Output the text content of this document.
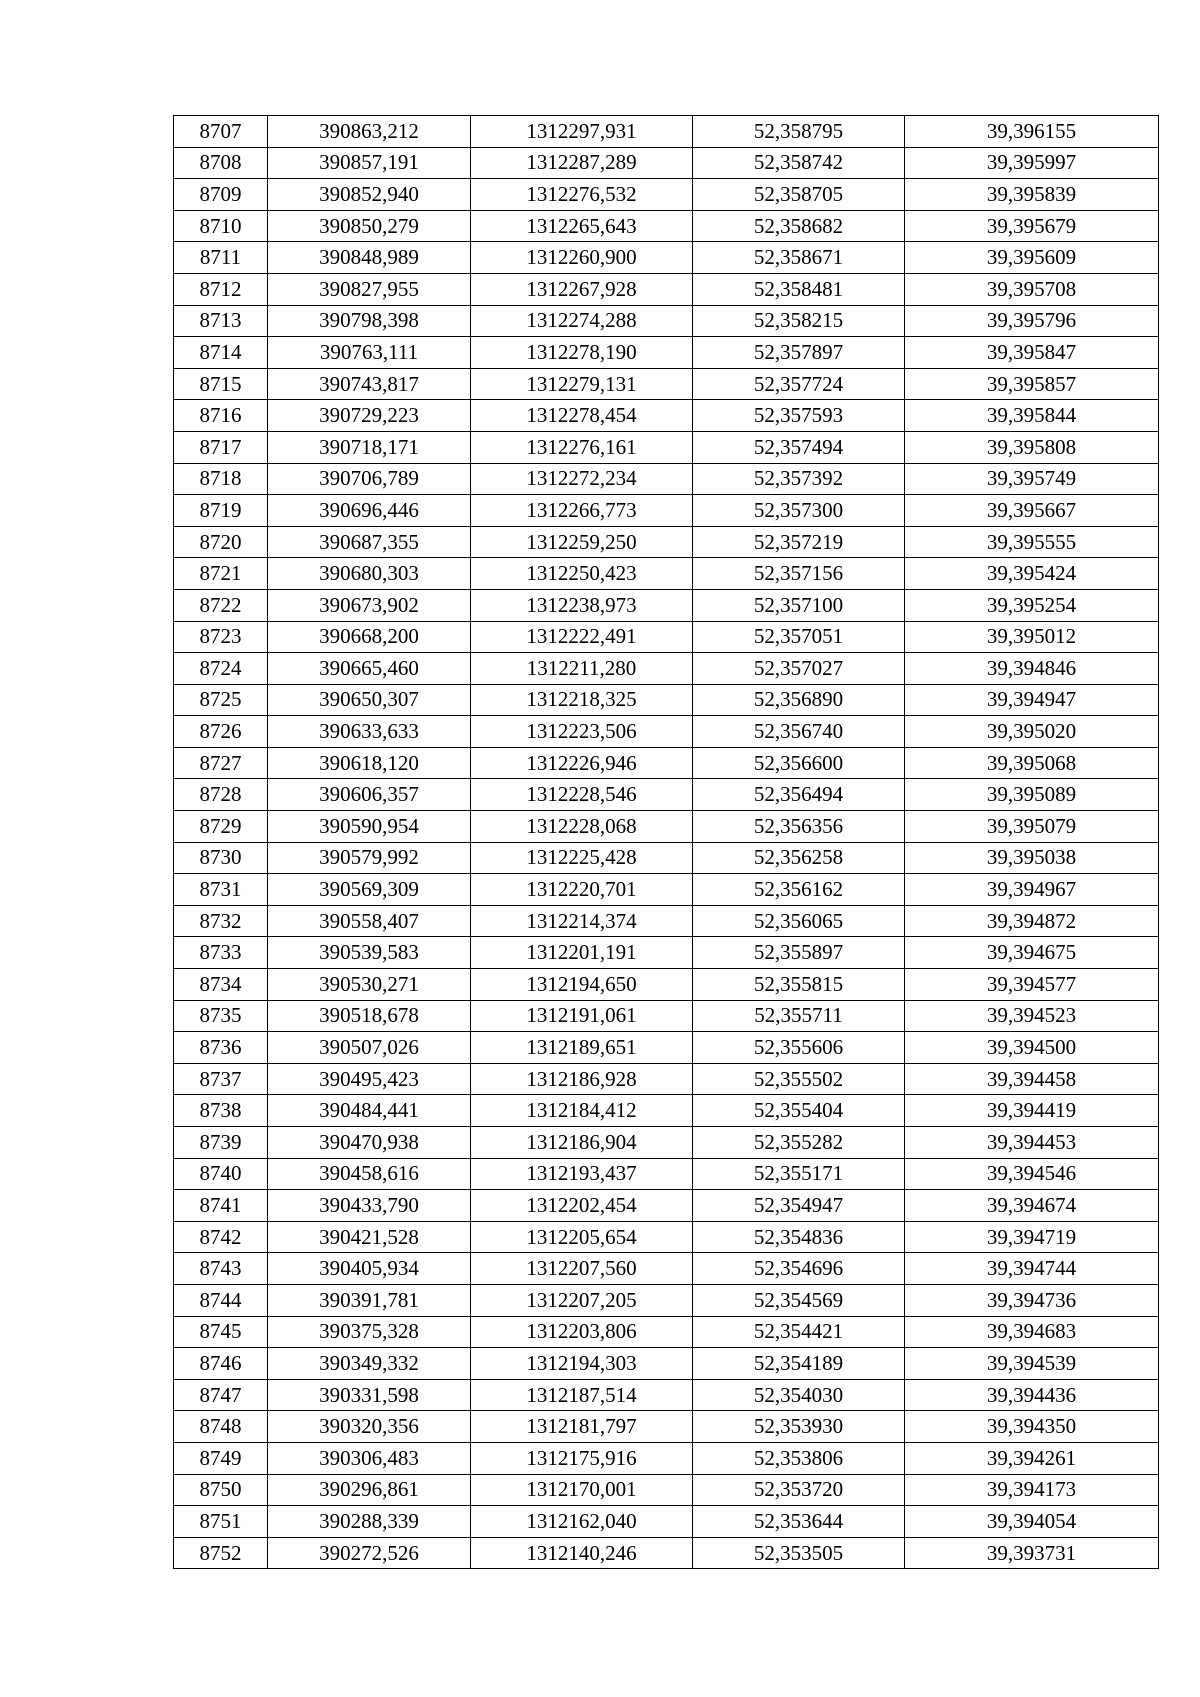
8707	390863,212	1312297,931	52,358795	39,396155
8708	390857,191	1312287,289	52,358742	39,395997
8709	390852,940	1312276,532	52,358705	39,395839
8710	390850,279	1312265,643	52,358682	39,395679
8711	390848,989	1312260,900	52,358671	39,395609
8712	390827,955	1312267,928	52,358481	39,395708
8713	390798,398	1312274,288	52,358215	39,395796
8714	390763,111	1312278,190	52,357897	39,395847
8715	390743,817	1312279,131	52,357724	39,395857
8716	390729,223	1312278,454	52,357593	39,395844
8717	390718,171	1312276,161	52,357494	39,395808
8718	390706,789	1312272,234	52,357392	39,395749
8719	390696,446	1312266,773	52,357300	39,395667
8720	390687,355	1312259,250	52,357219	39,395555
8721	390680,303	1312250,423	52,357156	39,395424
8722	390673,902	1312238,973	52,357100	39,395254
8723	390668,200	1312222,491	52,357051	39,395012
8724	390665,460	1312211,280	52,357027	39,394846
8725	390650,307	1312218,325	52,356890	39,394947
8726	390633,633	1312223,506	52,356740	39,395020
8727	390618,120	1312226,946	52,356600	39,395068
8728	390606,357	1312228,546	52,356494	39,395089
8729	390590,954	1312228,068	52,356356	39,395079
8730	390579,992	1312225,428	52,356258	39,395038
8731	390569,309	1312220,701	52,356162	39,394967
8732	390558,407	1312214,374	52,356065	39,394872
8733	390539,583	1312201,191	52,355897	39,394675
8734	390530,271	1312194,650	52,355815	39,394577
8735	390518,678	1312191,061	52,355711	39,394523
8736	390507,026	1312189,651	52,355606	39,394500
8737	390495,423	1312186,928	52,355502	39,394458
8738	390484,441	1312184,412	52,355404	39,394419
8739	390470,938	1312186,904	52,355282	39,394453
8740	390458,616	1312193,437	52,355171	39,394546
8741	390433,790	1312202,454	52,354947	39,394674
8742	390421,528	1312205,654	52,354836	39,394719
8743	390405,934	1312207,560	52,354696	39,394744
8744	390391,781	1312207,205	52,354569	39,394736
8745	390375,328	1312203,806	52,354421	39,394683
8746	390349,332	1312194,303	52,354189	39,394539
8747	390331,598	1312187,514	52,354030	39,394436
8748	390320,356	1312181,797	52,353930	39,394350
8749	390306,483	1312175,916	52,353806	39,394261
8750	390296,861	1312170,001	52,353720	39,394173
8751	390288,339	1312162,040	52,353644	39,394054
8752	390272,526	1312140,246	52,353505	39,393731
